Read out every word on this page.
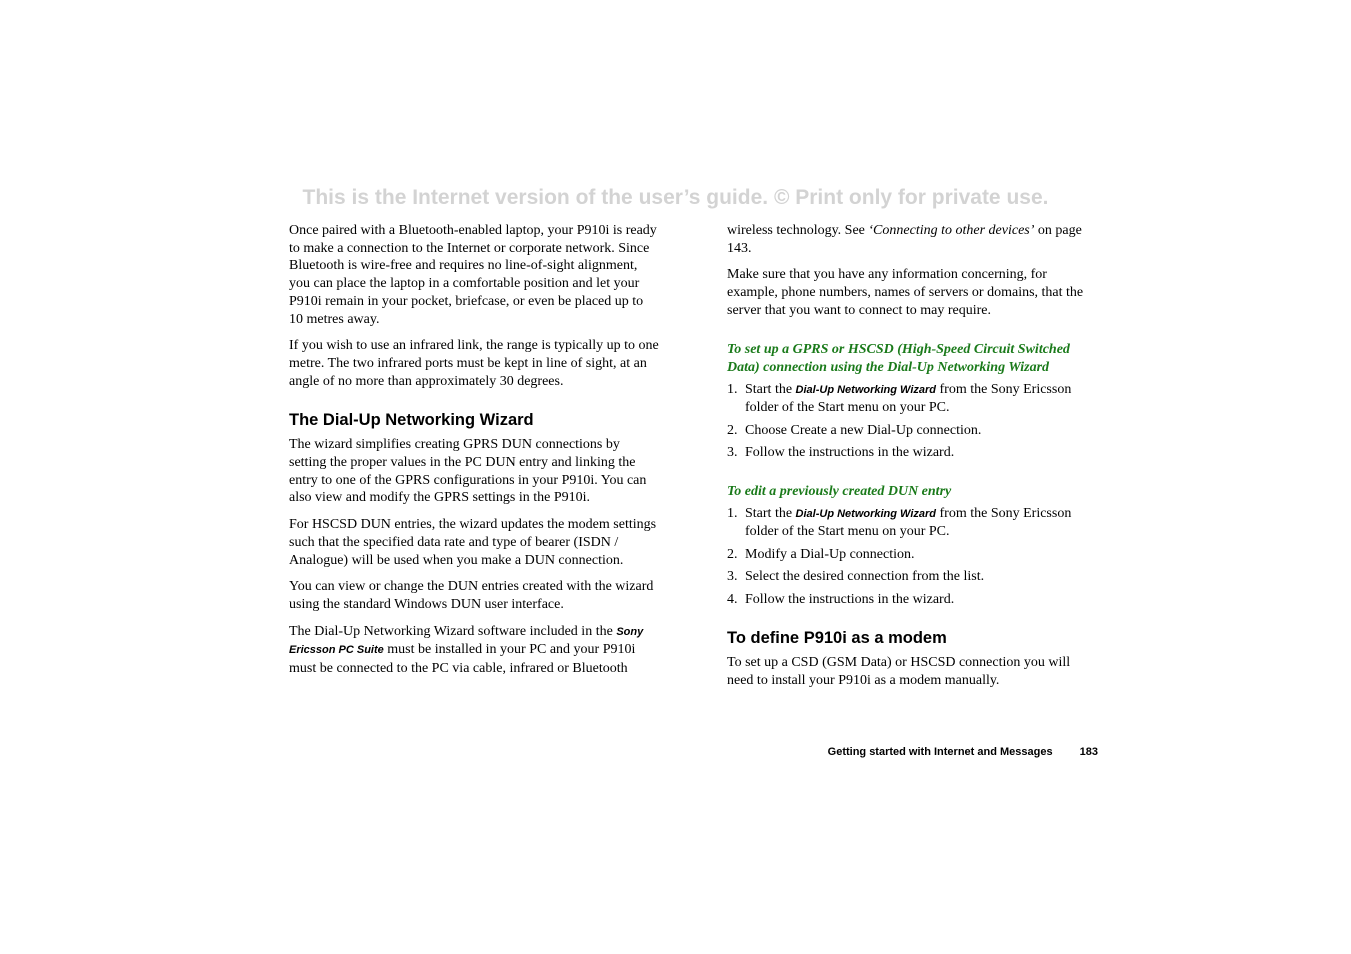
This is the Internet version of the user’s guide. © Print only for private use.

Once paired with a Bluetooth-enabled laptop, your P910i is ready to make a connection to the Internet or corporate network. Since Bluetooth is wire-free and requires no line-of-sight alignment, you can place the laptop in a comfortable position and let your P910i remain in your pocket, briefcase, or even be placed up to 10 metres away.

If you wish to use an infrared link, the range is typically up to one metre. The two infrared ports must be kept in line of sight, at an angle of no more than approximately 30 degrees.

The Dial-Up Networking Wizard

The wizard simplifies creating GPRS DUN connections by setting the proper values in the PC DUN entry and linking the entry to one of the GPRS configurations in your P910i. You can also view and modify the GPRS settings in the P910i.

For HSCSD DUN entries, the wizard updates the modem settings such that the specified data rate and type of bearer (ISDN / Analogue) will be used when you make a DUN connection.

You can view or change the DUN entries created with the wizard using the standard Windows DUN user interface.

The Dial-Up Networking Wizard software included in the Sony Ericsson PC Suite must be installed in your PC and your P910i must be connected to the PC via cable, infrared or Bluetooth

wireless technology. See ‘Connecting to other devices’ on page 143.

Make sure that you have any information concerning, for example, phone numbers, names of servers or domains, that the server that you want to connect to may require.

To set up a GPRS or HSCSD (High-Speed Circuit Switched Data) connection using the Dial-Up Networking Wizard
1. Start the Dial-Up Networking Wizard from the Sony Ericsson folder of the Start menu on your PC.
2. Choose Create a new Dial-Up connection.
3. Follow the instructions in the wizard.
To edit a previously created DUN entry
1. Start the Dial-Up Networking Wizard from the Sony Ericsson folder of the Start menu on your PC.
2. Modify a Dial-Up connection.
3. Select the desired connection from the list.
4. Follow the instructions in the wizard.
To define P910i as a modem

To set up a CSD (GSM Data) or HSCSD connection you will need to install your P910i as a modem manually.

Getting started with Internet and Messages 183
